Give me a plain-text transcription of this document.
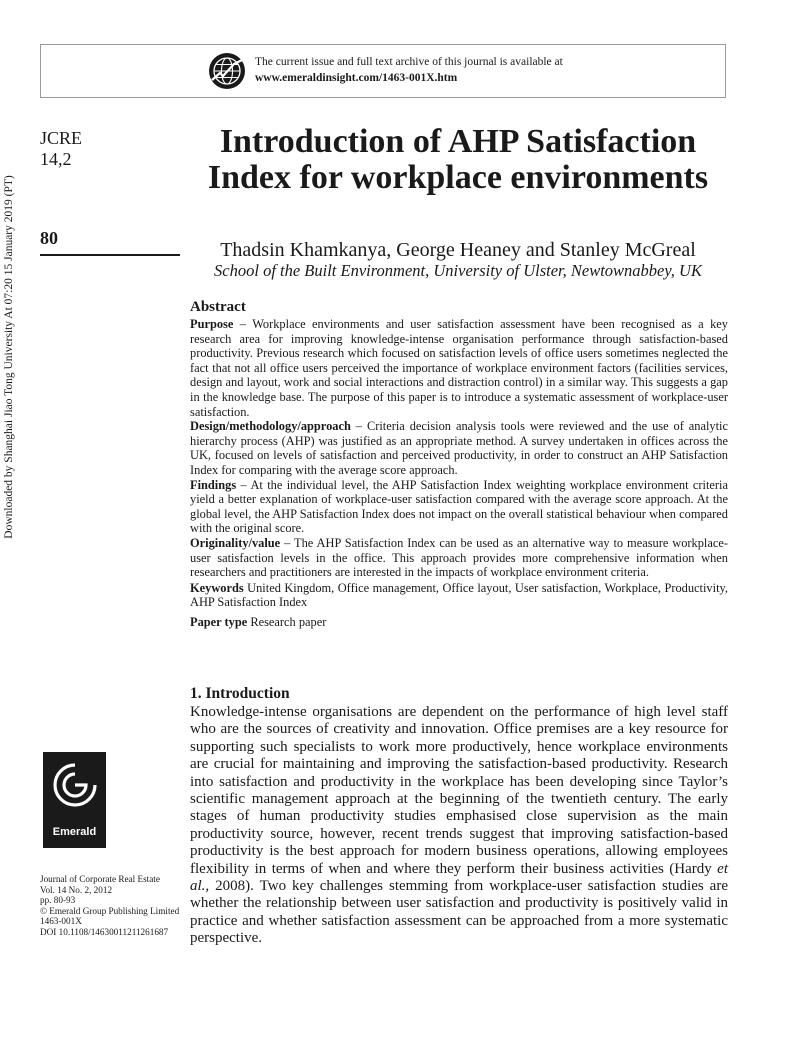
The current issue and full text archive of this journal is available at
www.emeraldinsight.com/1463-001X.htm
Downloaded by Shanghai Jiao Tong University At 07:20 15 January 2019 (PT)
JCRE
14,2
80
Introduction of AHP Satisfaction Index for workplace environments
Thadsin Khamkanya, George Heaney and Stanley McGreal
School of the Built Environment, University of Ulster, Newtownabbey, UK
Abstract

Purpose – Workplace environments and user satisfaction assessment have been recognised as a key research area for improving knowledge-intense organisation performance through satisfaction-based productivity. Previous research which focused on satisfaction levels of office users sometimes neglected the fact that not all office users perceived the importance of workplace environment factors (facilities services, design and layout, work and social interactions and distraction control) in a similar way. This suggests a gap in the knowledge base. The purpose of this paper is to introduce a systematic assessment of workplace-user satisfaction.

Design/methodology/approach – Criteria decision analysis tools were reviewed and the use of analytic hierarchy process (AHP) was justified as an appropriate method. A survey undertaken in offices across the UK, focused on levels of satisfaction and perceived productivity, in order to construct an AHP Satisfaction Index for comparing with the average score approach.

Findings – At the individual level, the AHP Satisfaction Index weighting workplace environment criteria yield a better explanation of workplace-user satisfaction compared with the average score approach. At the global level, the AHP Satisfaction Index does not impact on the overall statistical behaviour when compared with the original score.

Originality/value – The AHP Satisfaction Index can be used as an alternative way to measure workplace-user satisfaction levels in the office. This approach provides more comprehensive information when researchers and practitioners are interested in the impacts of workplace environment criteria.

Keywords United Kingdom, Office management, Office layout, User satisfaction, Workplace, Productivity, AHP Satisfaction Index

Paper type Research paper

1. Introduction

Knowledge-intense organisations are dependent on the performance of high level staff who are the sources of creativity and innovation. Office premises are a key resource for supporting such specialists to work more productively, hence workplace environments are crucial for maintaining and improving the satisfaction-based productivity. Research into satisfaction and productivity in the workplace has been developing since Taylor’s scientific management approach at the beginning of the twentieth century. The early stages of human productivity studies emphasised close supervision as the main productivity source, however, recent trends suggest that improving satisfaction-based productivity is the best approach for modern business operations, allowing employees flexibility in terms of when and where they perform their business activities (Hardy et al., 2008). Two key challenges stemming from workplace-user satisfaction studies are whether the relationship between user satisfaction and productivity is positively valid in practice and whether satisfaction assessment can be approached from a more systematic perspective.

Emerald
Journal of Corporate Real Estate
Vol. 14 No. 2, 2012
pp. 80-93
© Emerald Group Publishing Limited
1463-001X
DOI 10.1108/14630011211261687
